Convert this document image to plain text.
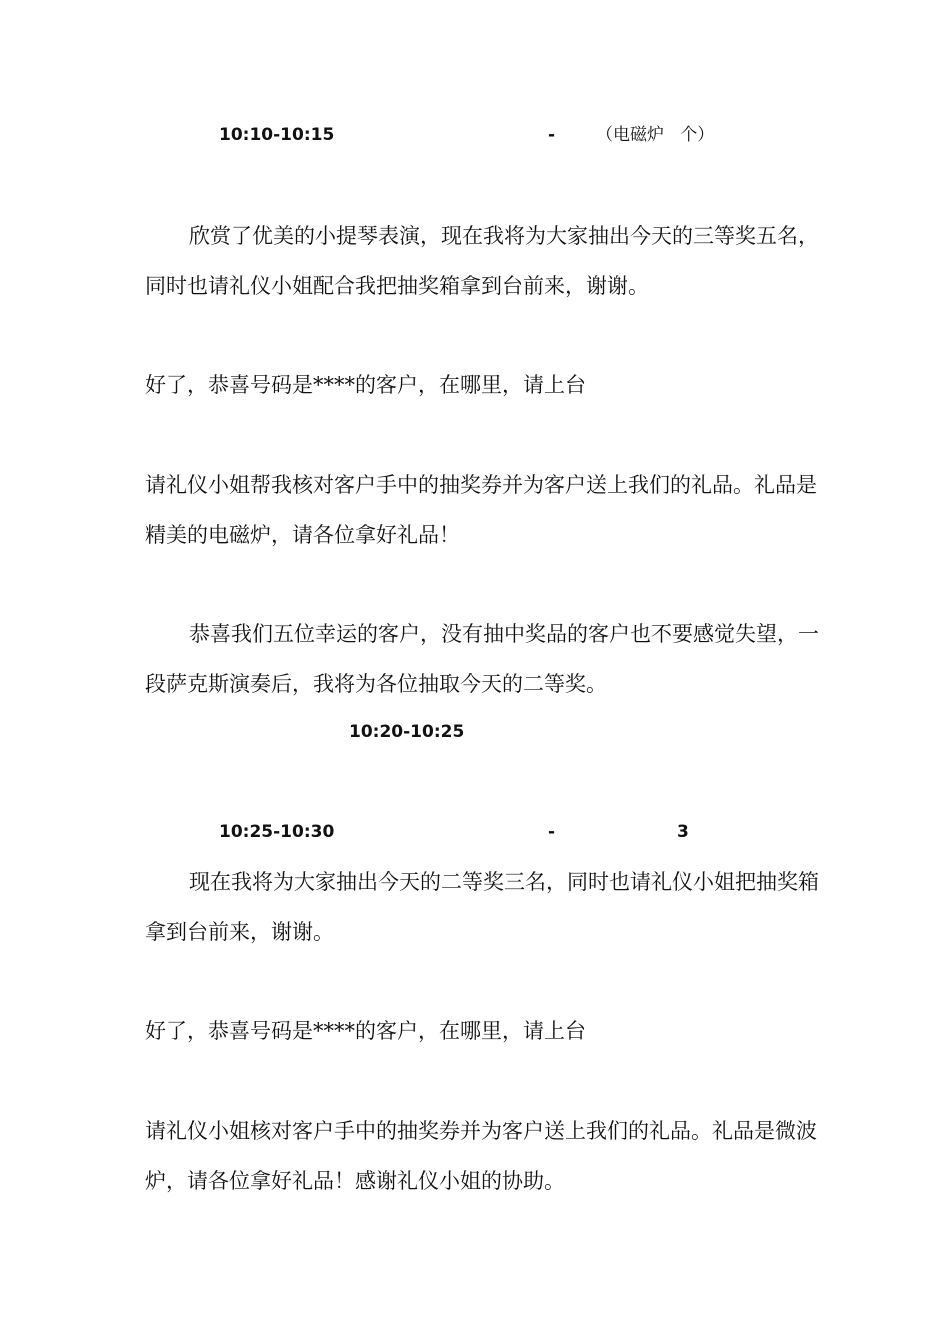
10:10-10:15	- （电磁炉   个）

欣赏了优美的小提琴表演，现在我将为大家抽出今天的三等奖五名，同时也请礼仪小姐配合我把抽奖箱拿到台前来，谢谢。

好了，恭喜号码是****的客户，在哪里，请上台

请礼仪小姐帮我核对客户手中的抽奖券并为客户送上我们的礼品。礼品是精美的电磁炉，请各位拿好礼品！

恭喜我们五位幸运的客户，没有抽中奖品的客户也不要感觉失望，一段萨克斯演奏后，我将为各位抽取今天的二等奖。

10:20-10:25
10:25-10:30	-	3

现在我将为大家抽出今天的二等奖三名，同时也请礼仪小姐把抽奖箱拿到台前来，谢谢。

好了，恭喜号码是****的客户，在哪里，请上台

请礼仪小姐核对客户手中的抽奖券并为客户送上我们的礼品。礼品是微波炉，请各位拿好礼品！感谢礼仪小姐的协助。
